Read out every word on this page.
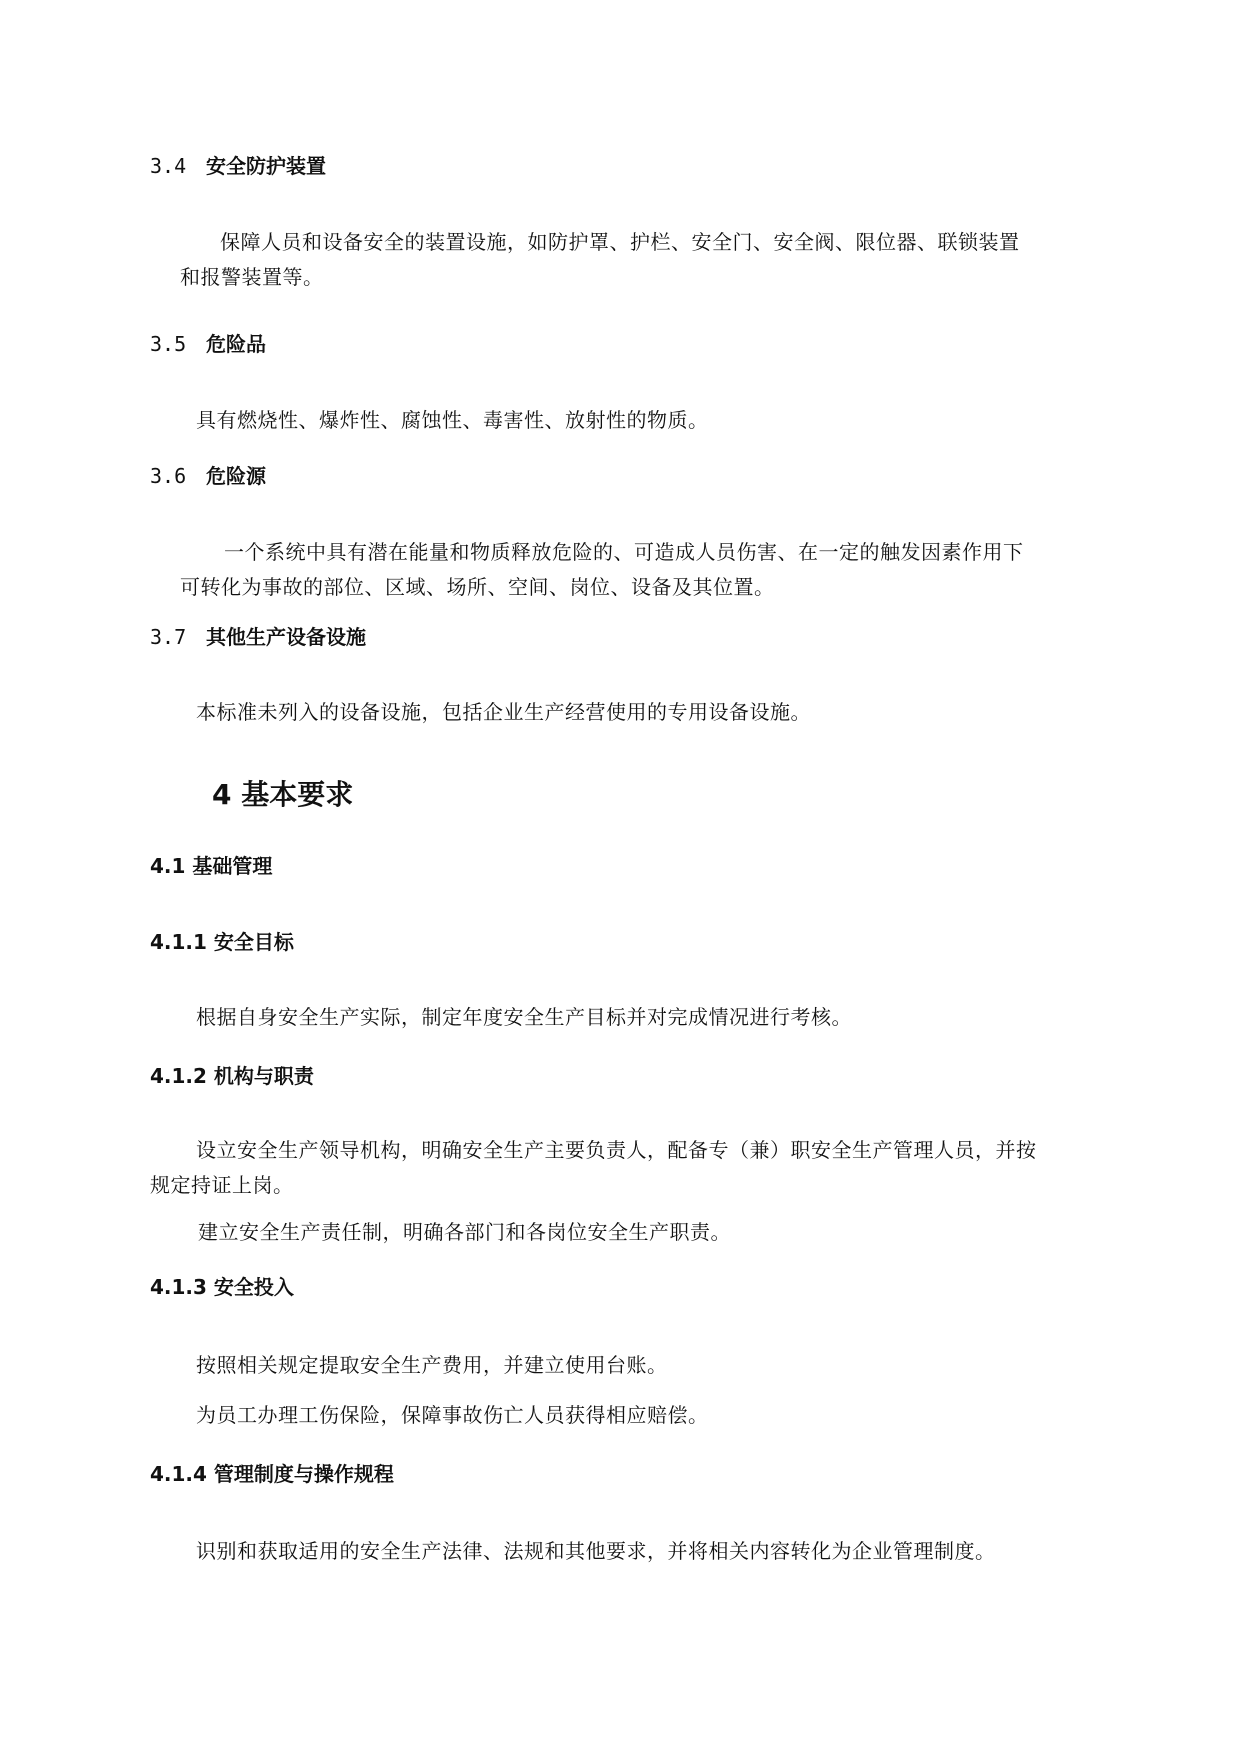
3.4 安全防护装置

保障人员和设备安全的装置设施，如防护罩、护栏、安全门、安全阀、限位器、联锁装置
和报警装置等。

3.5 危险品

具有燃烧性、爆炸性、腐蚀性、毒害性、放射性的物质。

3.6 危险源

一个系统中具有潜在能量和物质释放危险的、可造成人员伤害、在一定的触发因素作用下
可转化为事故的部位、区域、场所、空间、岗位、设备及其位置。

3.7 其他生产设备设施

本标准未列入的设备设施，包括企业生产经营使用的专用设备设施。

4 基本要求
4.1 基础管理
4.1.1 安全目标

根据自身安全生产实际，制定年度安全生产目标并对完成情况进行考核。

4.1.2 机构与职责

设立安全生产领导机构，明确安全生产主要负责人，配备专（兼）职安全生产管理人员，并按
规定持证上岗。

建立安全生产责任制，明确各部门和各岗位安全生产职责。

4.1.3 安全投入

按照相关规定提取安全生产费用，并建立使用台账。

为员工办理工伤保险，保障事故伤亡人员获得相应赔偿。

4.1.4 管理制度与操作规程

识别和获取适用的安全生产法律、法规和其他要求，并将相关内容转化为企业管理制度。
